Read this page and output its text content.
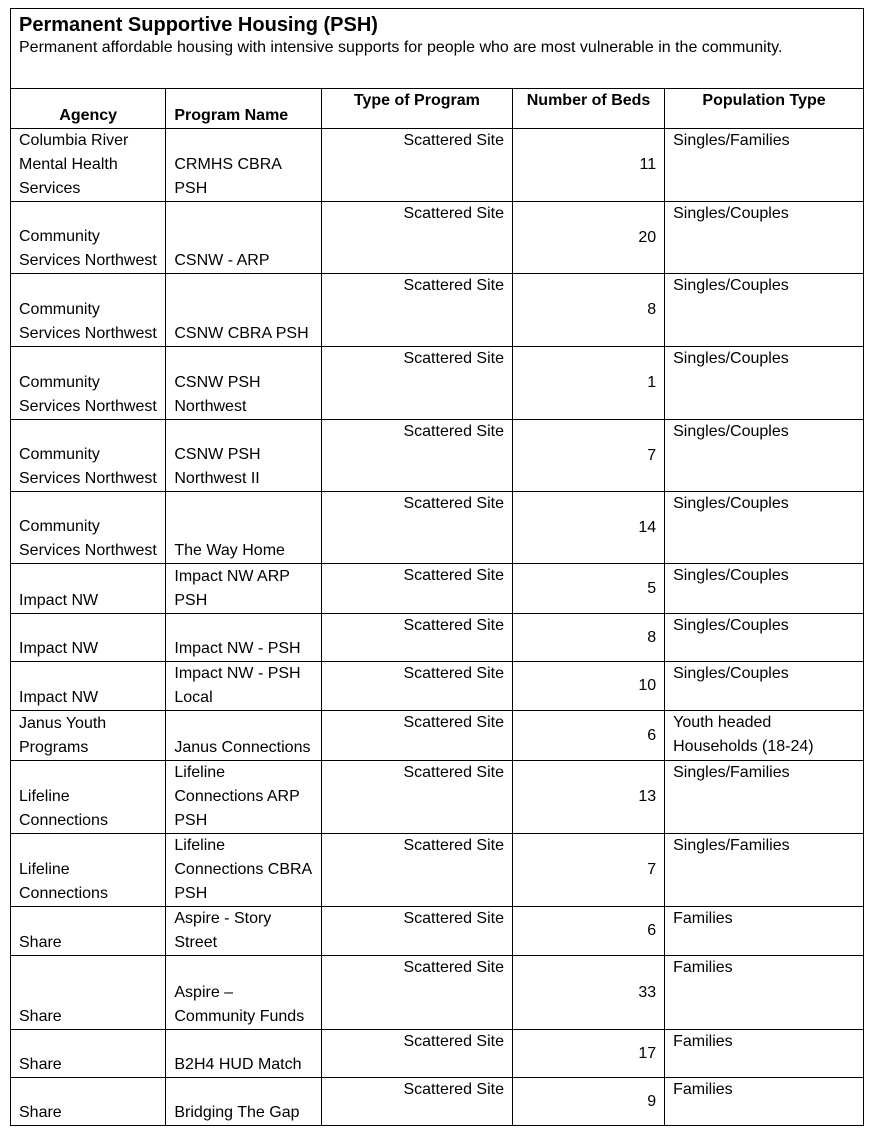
Permanent Supportive Housing (PSH)

Permanent affordable housing with intensive supports for people who are most vulnerable in the community.

Agency	Program Name	Type of Program	Number of Beds	Population Type
Columbia River Mental Health Services	CRMHS CBRA PSH	Scattered Site	11	Singles/Families
Community Services Northwest	CSNW - ARP	Scattered Site	20	Singles/Couples
Community Services Northwest	CSNW CBRA PSH	Scattered Site	8	Singles/Couples
Community Services Northwest	CSNW PSH Northwest	Scattered Site	1	Singles/Couples
Community Services Northwest	CSNW PSH Northwest II	Scattered Site	7	Singles/Couples
Community Services Northwest	The Way Home	Scattered Site	14	Singles/Couples
Impact NW	Impact NW ARP PSH	Scattered Site	5	Singles/Couples
Impact NW	Impact NW - PSH	Scattered Site	8	Singles/Couples
Impact NW	Impact NW - PSH Local	Scattered Site	10	Singles/Couples
Janus Youth Programs	Janus Connections	Scattered Site	6	Youth headed Households (18-24)
Lifeline Connections	Lifeline Connections ARP PSH	Scattered Site	13	Singles/Families
Lifeline Connections	Lifeline Connections CBRA PSH	Scattered Site	7	Singles/Families
Share	Aspire - Story Street	Scattered Site	6	Families
Share	Aspire – Community Funds	Scattered Site	33	Families
Share	B2H4 HUD Match	Scattered Site	17	Families
Share	Bridging The Gap	Scattered Site	9	Families
